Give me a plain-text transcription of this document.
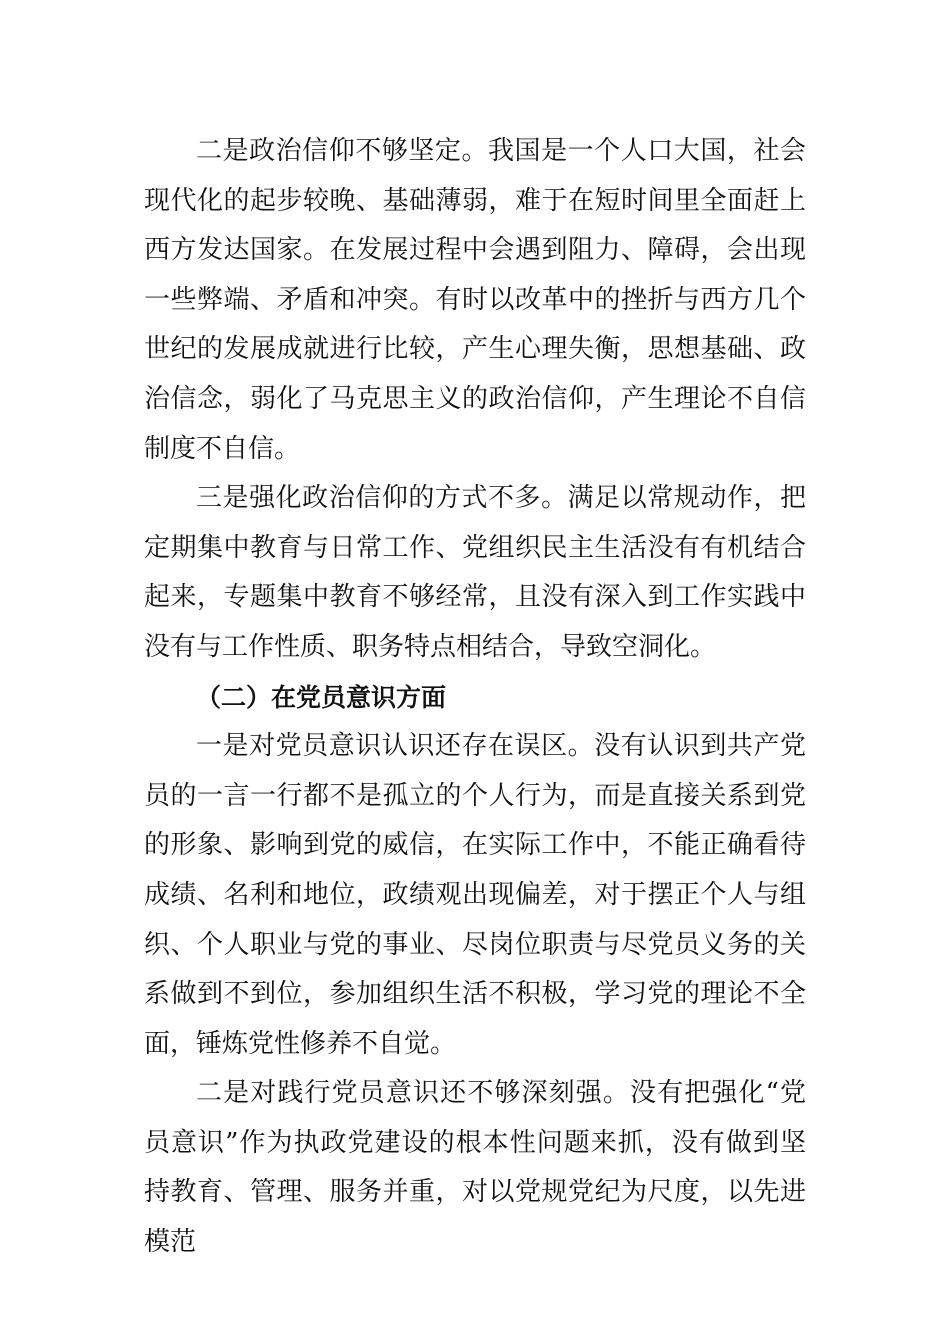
二是政治信仰不够坚定。我国是一个人口大国，社会现代化的起步较晚、基础薄弱，难于在短时间里全面赶上西方发达国家。在发展过程中会遇到阻力、障碍，会出现一些弊端、矛盾和冲突。有时以改革中的挫折与西方几个世纪的发展成就进行比较，产生心理失衡，思想基础、政治信念，弱化了马克思主义的政治信仰，产生理论不自信制度不自信。

三是强化政治信仰的方式不多。满足以常规动作，把定期集中教育与日常工作、党组织民主生活没有有机结合起来，专题集中教育不够经常，且没有深入到工作实践中没有与工作性质、职务特点相结合，导致空洞化。

（二）在党员意识方面

一是对党员意识认识还存在误区。没有认识到共产党员的一言一行都不是孤立的个人行为，而是直接关系到党的形象、影响到党的威信，在实际工作中，不能正确看待成绩、名利和地位，政绩观出现偏差，对于摆正个人与组织、个人职业与党的事业、尽岗位职责与尽党员义务的关系做到不到位，参加组织生活不积极，学习党的理论不全面，锤炼党性修养不自觉。

二是对践行党员意识还不够深刻强。没有把强化“党员意识”作为执政党建设的根本性问题来抓，没有做到坚持教育、管理、服务并重，对以党规党纪为尺度，以先进模范
